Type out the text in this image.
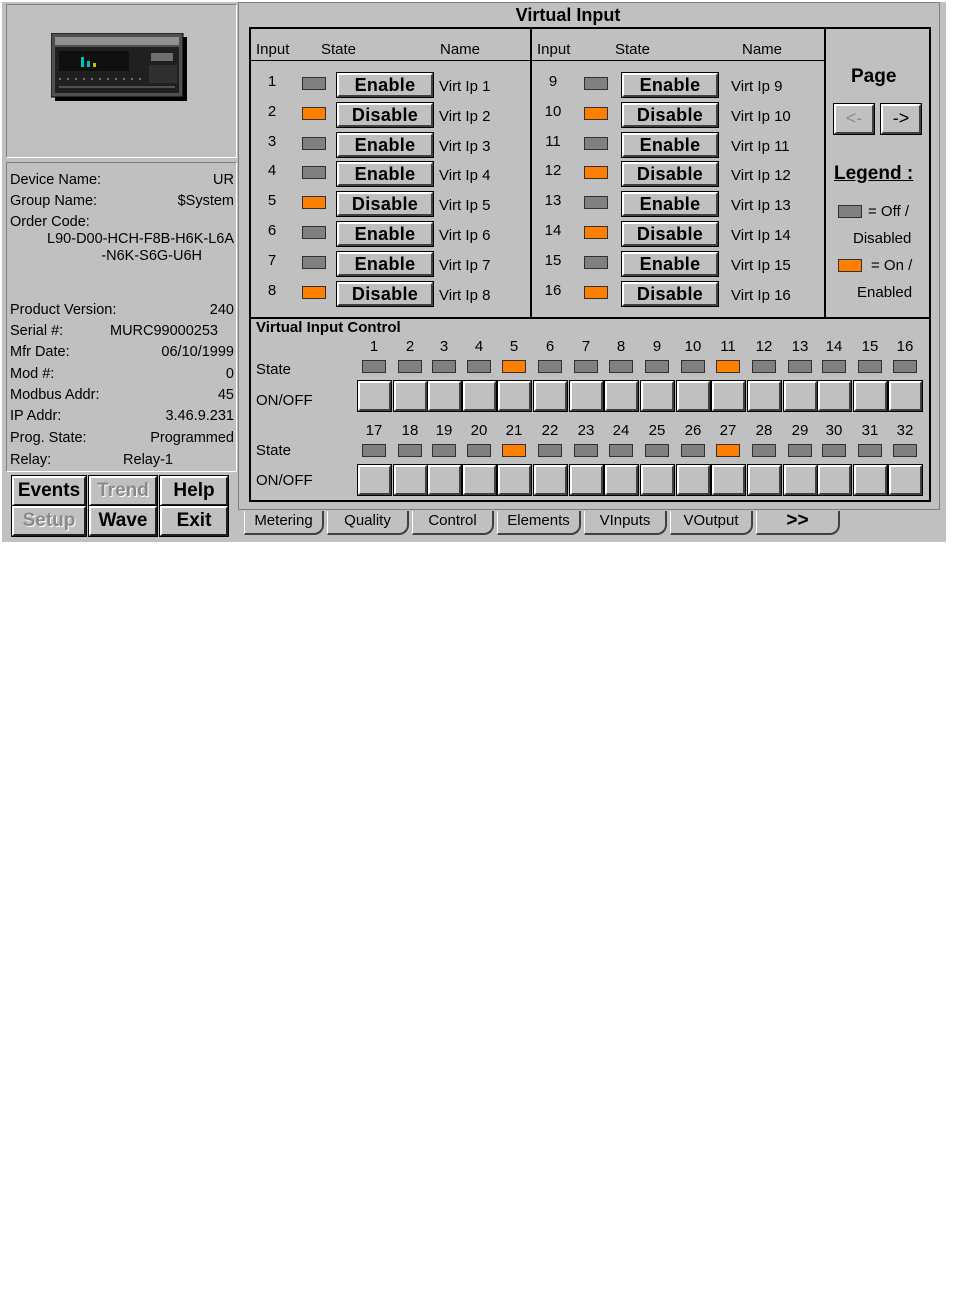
Device Name:	UR
Group Name:	$System
Order Code:
L90-D00-HCH-F8B-H6K-L6A
-N6K-S6G-U6H
Product Version:	240
Serial #:	MURC99000253
Mfr Date:	06/10/1999
Mod #:	0
Modbus Addr:	45
IP Addr:	3.46.9.231
Prog. State:	Programmed
Relay:	Relay-1
Events Trend	Help
Setup	Wave	Exit
Virtual Input
Input State	Name	Input	State	Name
1	Enable	Virt Ip 1
2	Disable	Virt Ip 2
3	Enable	Virt Ip 3
4	Enable	Virt Ip 4
5	Disable	Virt Ip 5
6	Enable	Virt Ip 6
7	Enable	Virt Ip 7
8	Disable	Virt Ip 8
9	Enable	Virt Ip 9
10	Disable	Virt Ip 10
11	Enable	Virt Ip 11
12	Disable	Virt Ip 12
13	Enable	Virt Ip 13
14	Disable	Virt Ip 14
15	Enable	Virt Ip 15
16	Disable	Virt Ip 16
Page
<-	->
Legend :
= Off /
Disabled
= On /
Enabled
Virtual Input Control
State
ON/OFF
State
ON/OFF
1	2	3	4	5	6	7	8	9	10	11	12	13	14	15	16
17	18	19	20	21	22	23	24	25	26	27	28	29	30	31	32
Metering	Quality	Control	Elements	VInputs	VOutput	>>
